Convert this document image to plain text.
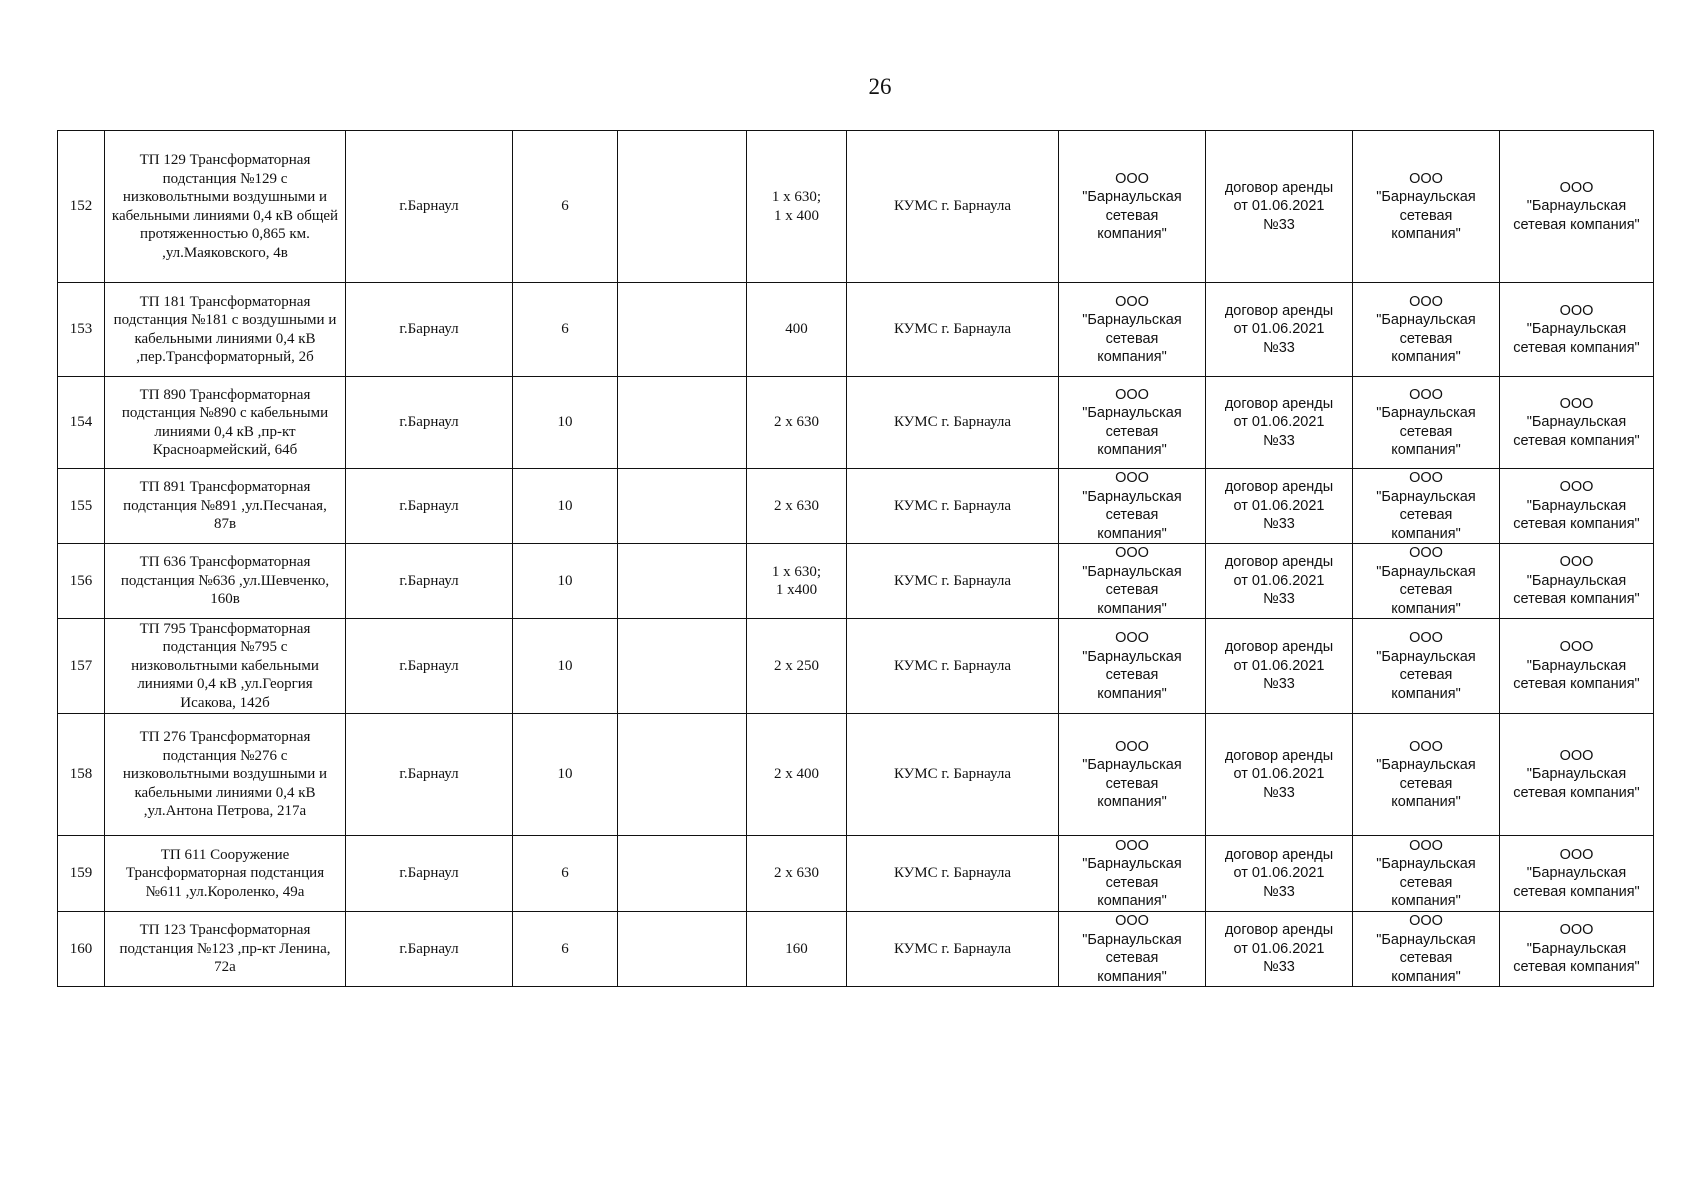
26
152	ТП 129 Трансформаторная подстанция №129 с низковольтными воздушными и кабельными линиями 0,4 кВ общей протяженностью 0,865 км. ,ул.Маяковского, 4в	г.Барнаул	6		1 x 630;
1 x 400	КУМС г. Барнаула	ООО
"Барнаульская
сетевая
компания"	договор аренды
от 01.06.2021
№33	ООО
"Барнаульская
сетевая
компания"	ООО
"Барнаульская
сетевая компания"
153	ТП 181 Трансформаторная подстанция №181 с воздушными и кабельными линиями 0,4 кВ ,пер.Трансформаторный, 2б	г.Барнаул	6		400	КУМС г. Барнаула	ООО
"Барнаульская
сетевая
компания"	договор аренды
от 01.06.2021
№33	ООО
"Барнаульская
сетевая
компания"	ООО
"Барнаульская
сетевая компания"
154	ТП 890 Трансформаторная подстанция №890 с кабельными линиями 0,4 кВ ,пр-кт Красноармейский, 64б	г.Барнаул	10		2 x 630	КУМС г. Барнаула	ООО
"Барнаульская
сетевая
компания"	договор аренды
от 01.06.2021
№33	ООО
"Барнаульская
сетевая
компания"	ООО
"Барнаульская
сетевая компания"
155	ТП 891 Трансформаторная подстанция №891 ,ул.Песчаная, 87в	г.Барнаул	10		2 x 630	КУМС г. Барнаула	ООО
"Барнаульская
сетевая
компания"	договор аренды
от 01.06.2021
№33	ООО
"Барнаульская
сетевая
компания"	ООО
"Барнаульская
сетевая компания"
156	ТП 636 Трансформаторная подстанция №636 ,ул.Шевченко, 160в	г.Барнаул	10		1 x 630;
1 x400	КУМС г. Барнаула	ООО
"Барнаульская
сетевая
компания"	договор аренды
от 01.06.2021
№33	ООО
"Барнаульская
сетевая
компания"	ООО
"Барнаульская
сетевая компания"
157	ТП 795 Трансформаторная подстанция №795 с низковольтными кабельными линиями 0,4 кВ ,ул.Георгия Исакова, 142б	г.Барнаул	10		2 x 250	КУМС г. Барнаула	ООО
"Барнаульская
сетевая
компания"	договор аренды
от 01.06.2021
№33	ООО
"Барнаульская
сетевая
компания"	ООО
"Барнаульская
сетевая компания"
158	ТП 276 Трансформаторная подстанция №276 с низковольтными воздушными и кабельными линиями 0,4 кВ ,ул.Антона Петрова, 217а	г.Барнаул	10		2 x 400	КУМС г. Барнаула	ООО
"Барнаульская
сетевая
компания"	договор аренды
от 01.06.2021
№33	ООО
"Барнаульская
сетевая
компания"	ООО
"Барнаульская
сетевая компания"
159	ТП 611 Сооружение Трансформаторная подстанция №611 ,ул.Короленко, 49а	г.Барнаул	6		2 x 630	КУМС г. Барнаула	ООО
"Барнаульская
сетевая
компания"	договор аренды
от 01.06.2021
№33	ООО
"Барнаульская
сетевая
компания"	ООО
"Барнаульская
сетевая компания"
160	ТП 123 Трансформаторная подстанция №123 ,пр-кт Ленина, 72а	г.Барнаул	6		160	КУМС г. Барнаула	ООО
"Барнаульская
сетевая
компания"	договор аренды
от 01.06.2021
№33	ООО
"Барнаульская
сетевая
компания"	ООО
"Барнаульская
сетевая компания"
